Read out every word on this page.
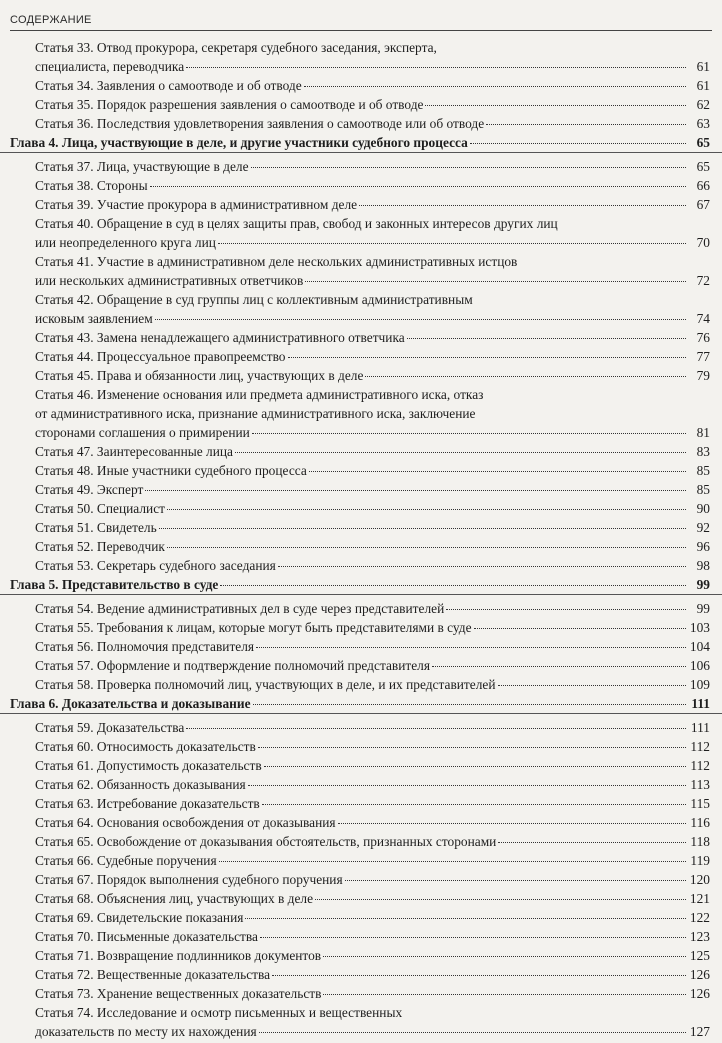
СОДЕРЖАНИЕ
Статья 33. Отвод прокурора, секретаря судебного заседания, эксперта,
специалиста, переводчика	61
Статья 34. Заявления о самоотводе и об отводе	61
Статья 35. Порядок разрешения заявления о самоотводе и об отводе	62
Статья 36. Последствия удовлетворения заявления о самоотводе или об отводе	63
Глава 4. Лица, участвующие в деле, и другие участники судебного процесса	65
Статья 37. Лица, участвующие в деле	65
Статья 38. Стороны	66
Статья 39. Участие прокурора в административном деле	67
Статья 40. Обращение в суд в целях защиты прав, свобод и законных интересов других лиц
или неопределенного круга лиц	70
Статья 41. Участие в административном деле нескольких административных истцов
или нескольких административных ответчиков	72
Статья 42. Обращение в суд группы лиц с коллективным административным
исковым заявлением	74
Статья 43. Замена ненадлежащего административного ответчика	76
Статья 44. Процессуальное правопреемство	77
Статья 45. Права и обязанности лиц, участвующих в деле	79
Статья 46. Изменение основания или предмета административного иска, отказ
от административного иска, признание административного иска, заключение
сторонами соглашения о примирении	81
Статья 47. Заинтересованные лица	83
Статья 48. Иные участники судебного процесса	85
Статья 49. Эксперт	85
Статья 50. Специалист	90
Статья 51. Свидетель	92
Статья 52. Переводчик	96
Статья 53. Секретарь судебного заседания	98
Глава 5. Представительство в суде	99
Статья 54. Ведение административных дел в суде через представителей	99
Статья 55. Требования к лицам, которые могут быть представителями в суде	103
Статья 56. Полномочия представителя	104
Статья 57. Оформление и подтверждение полномочий представителя	106
Статья 58. Проверка полномочий лиц, участвующих в деле, и их представителей	109
Глава 6. Доказательства и доказывание	111
Статья 59. Доказательства	111
Статья 60. Относимость доказательств	112
Статья 61. Допустимость доказательств	112
Статья 62. Обязанность доказывания	113
Статья 63. Истребование доказательств	115
Статья 64. Основания освобождения от доказывания	116
Статья 65. Освобождение от доказывания обстоятельств, признанных сторонами	118
Статья 66. Судебные поручения	119
Статья 67. Порядок выполнения судебного поручения	120
Статья 68. Объяснения лиц, участвующих в деле	121
Статья 69. Свидетельские показания	122
Статья 70. Письменные доказательства	123
Статья 71. Возвращение подлинников документов	125
Статья 72. Вещественные доказательства	126
Статья 73. Хранение вещественных доказательств	126
Статья 74. Исследование и осмотр письменных и вещественных
доказательств по месту их нахождения	127
